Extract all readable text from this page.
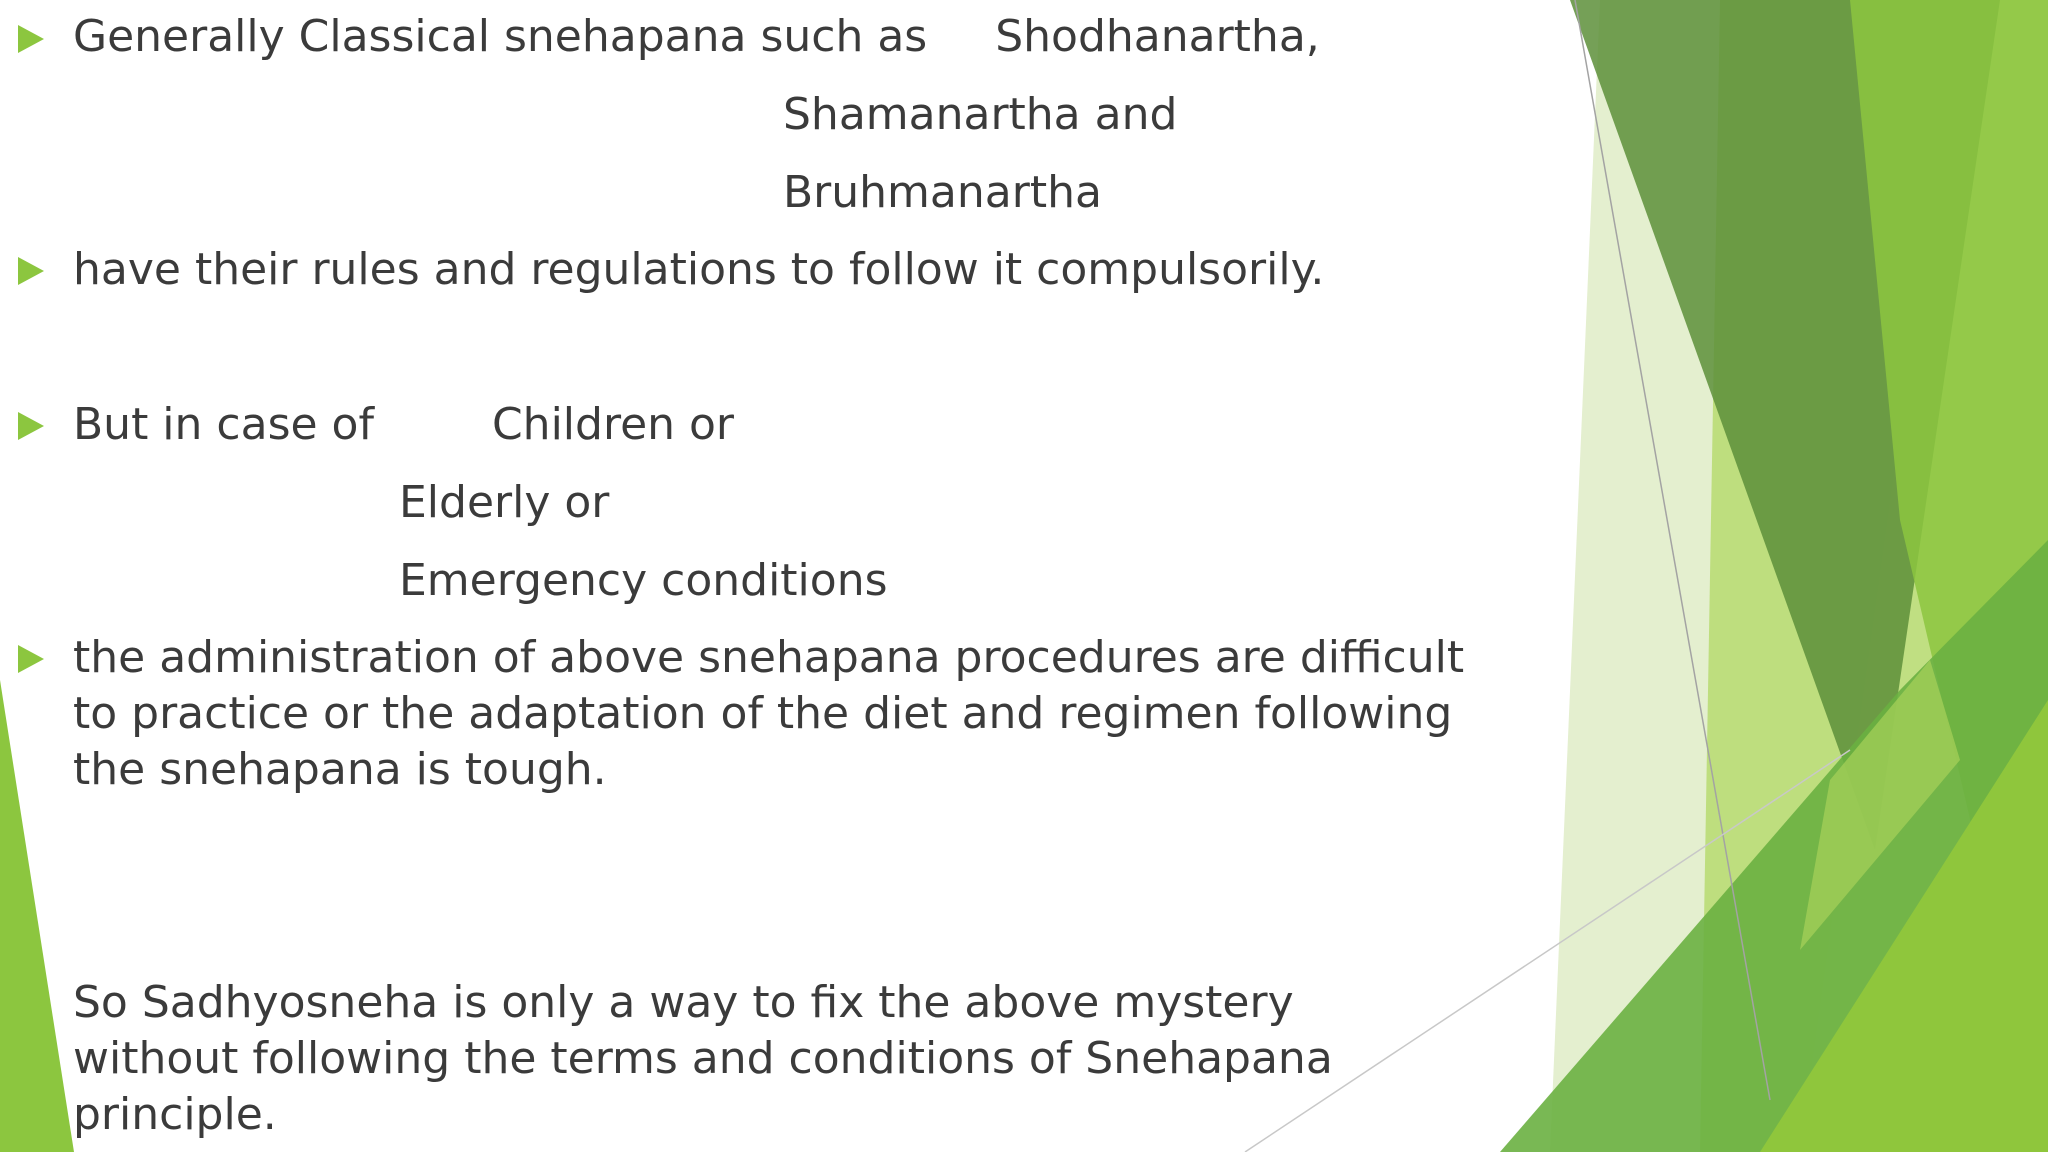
Generally Classical snehapana such as Shodhanartha,

Shamanartha and

Bruhmanartha

have their rules and regulations to follow it compulsorily.

But in case of	Children or

Elderly or

Emergency conditions

the administration of above snehapana procedures are difficult to practice or the adaptation of the diet and regimen following the snehapana is tough.

So Sadhyosneha is only a way to fix the above mystery without following the terms and conditions of Snehapana principle.
